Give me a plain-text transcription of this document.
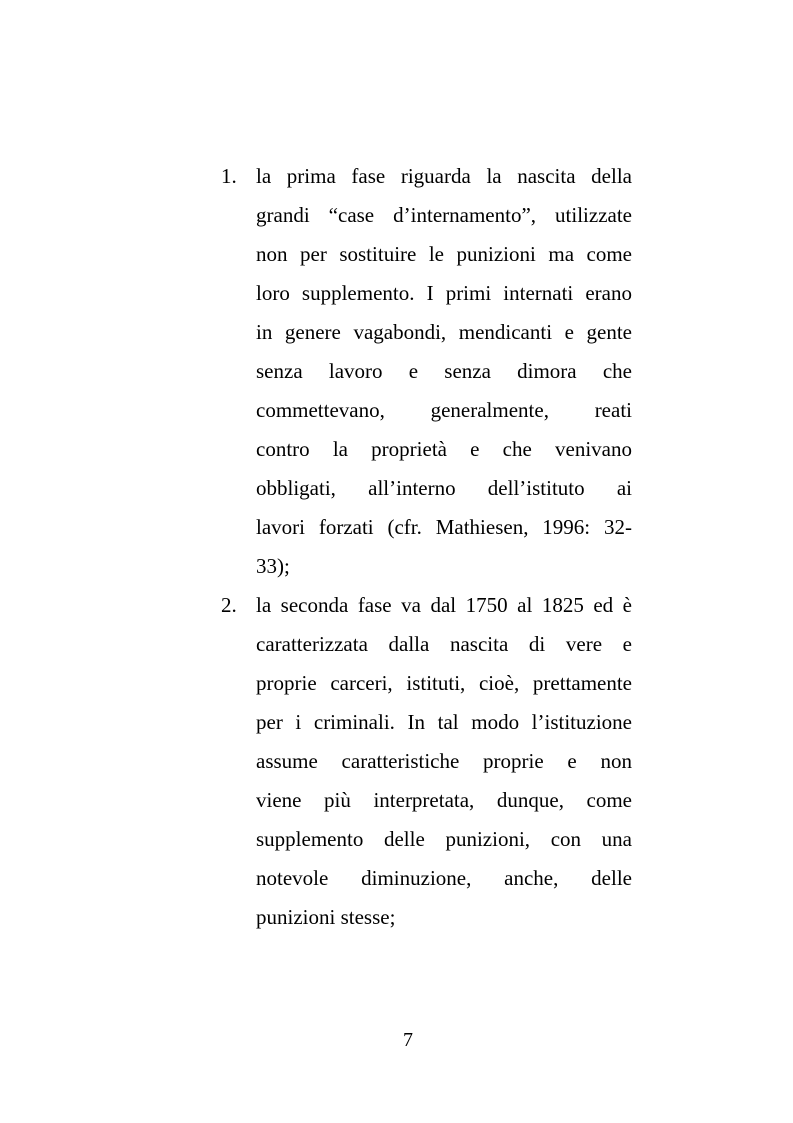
1. la prima fase riguarda la nascita della
grandi “case d’internamento”, utilizzate
non per sostituire le punizioni ma come
loro supplemento. I primi internati erano
in genere vagabondi, mendicanti e gente
senza lavoro e senza dimora che
commettevano, generalmente, reati
contro la proprietà e che venivano
obbligati, all’interno dell’istituto ai
lavori forzati (cfr. Mathiesen, 1996: 32-
33);
2. la seconda fase va dal 1750 al 1825 ed è
caratterizzata dalla nascita di vere e
proprie carceri, istituti, cioè, prettamente
per i criminali. In tal modo l’istituzione
assume caratteristiche proprie e non
viene più interpretata, dunque, come
supplemento delle punizioni, con una
notevole diminuzione, anche, delle
punizioni stesse;
7
